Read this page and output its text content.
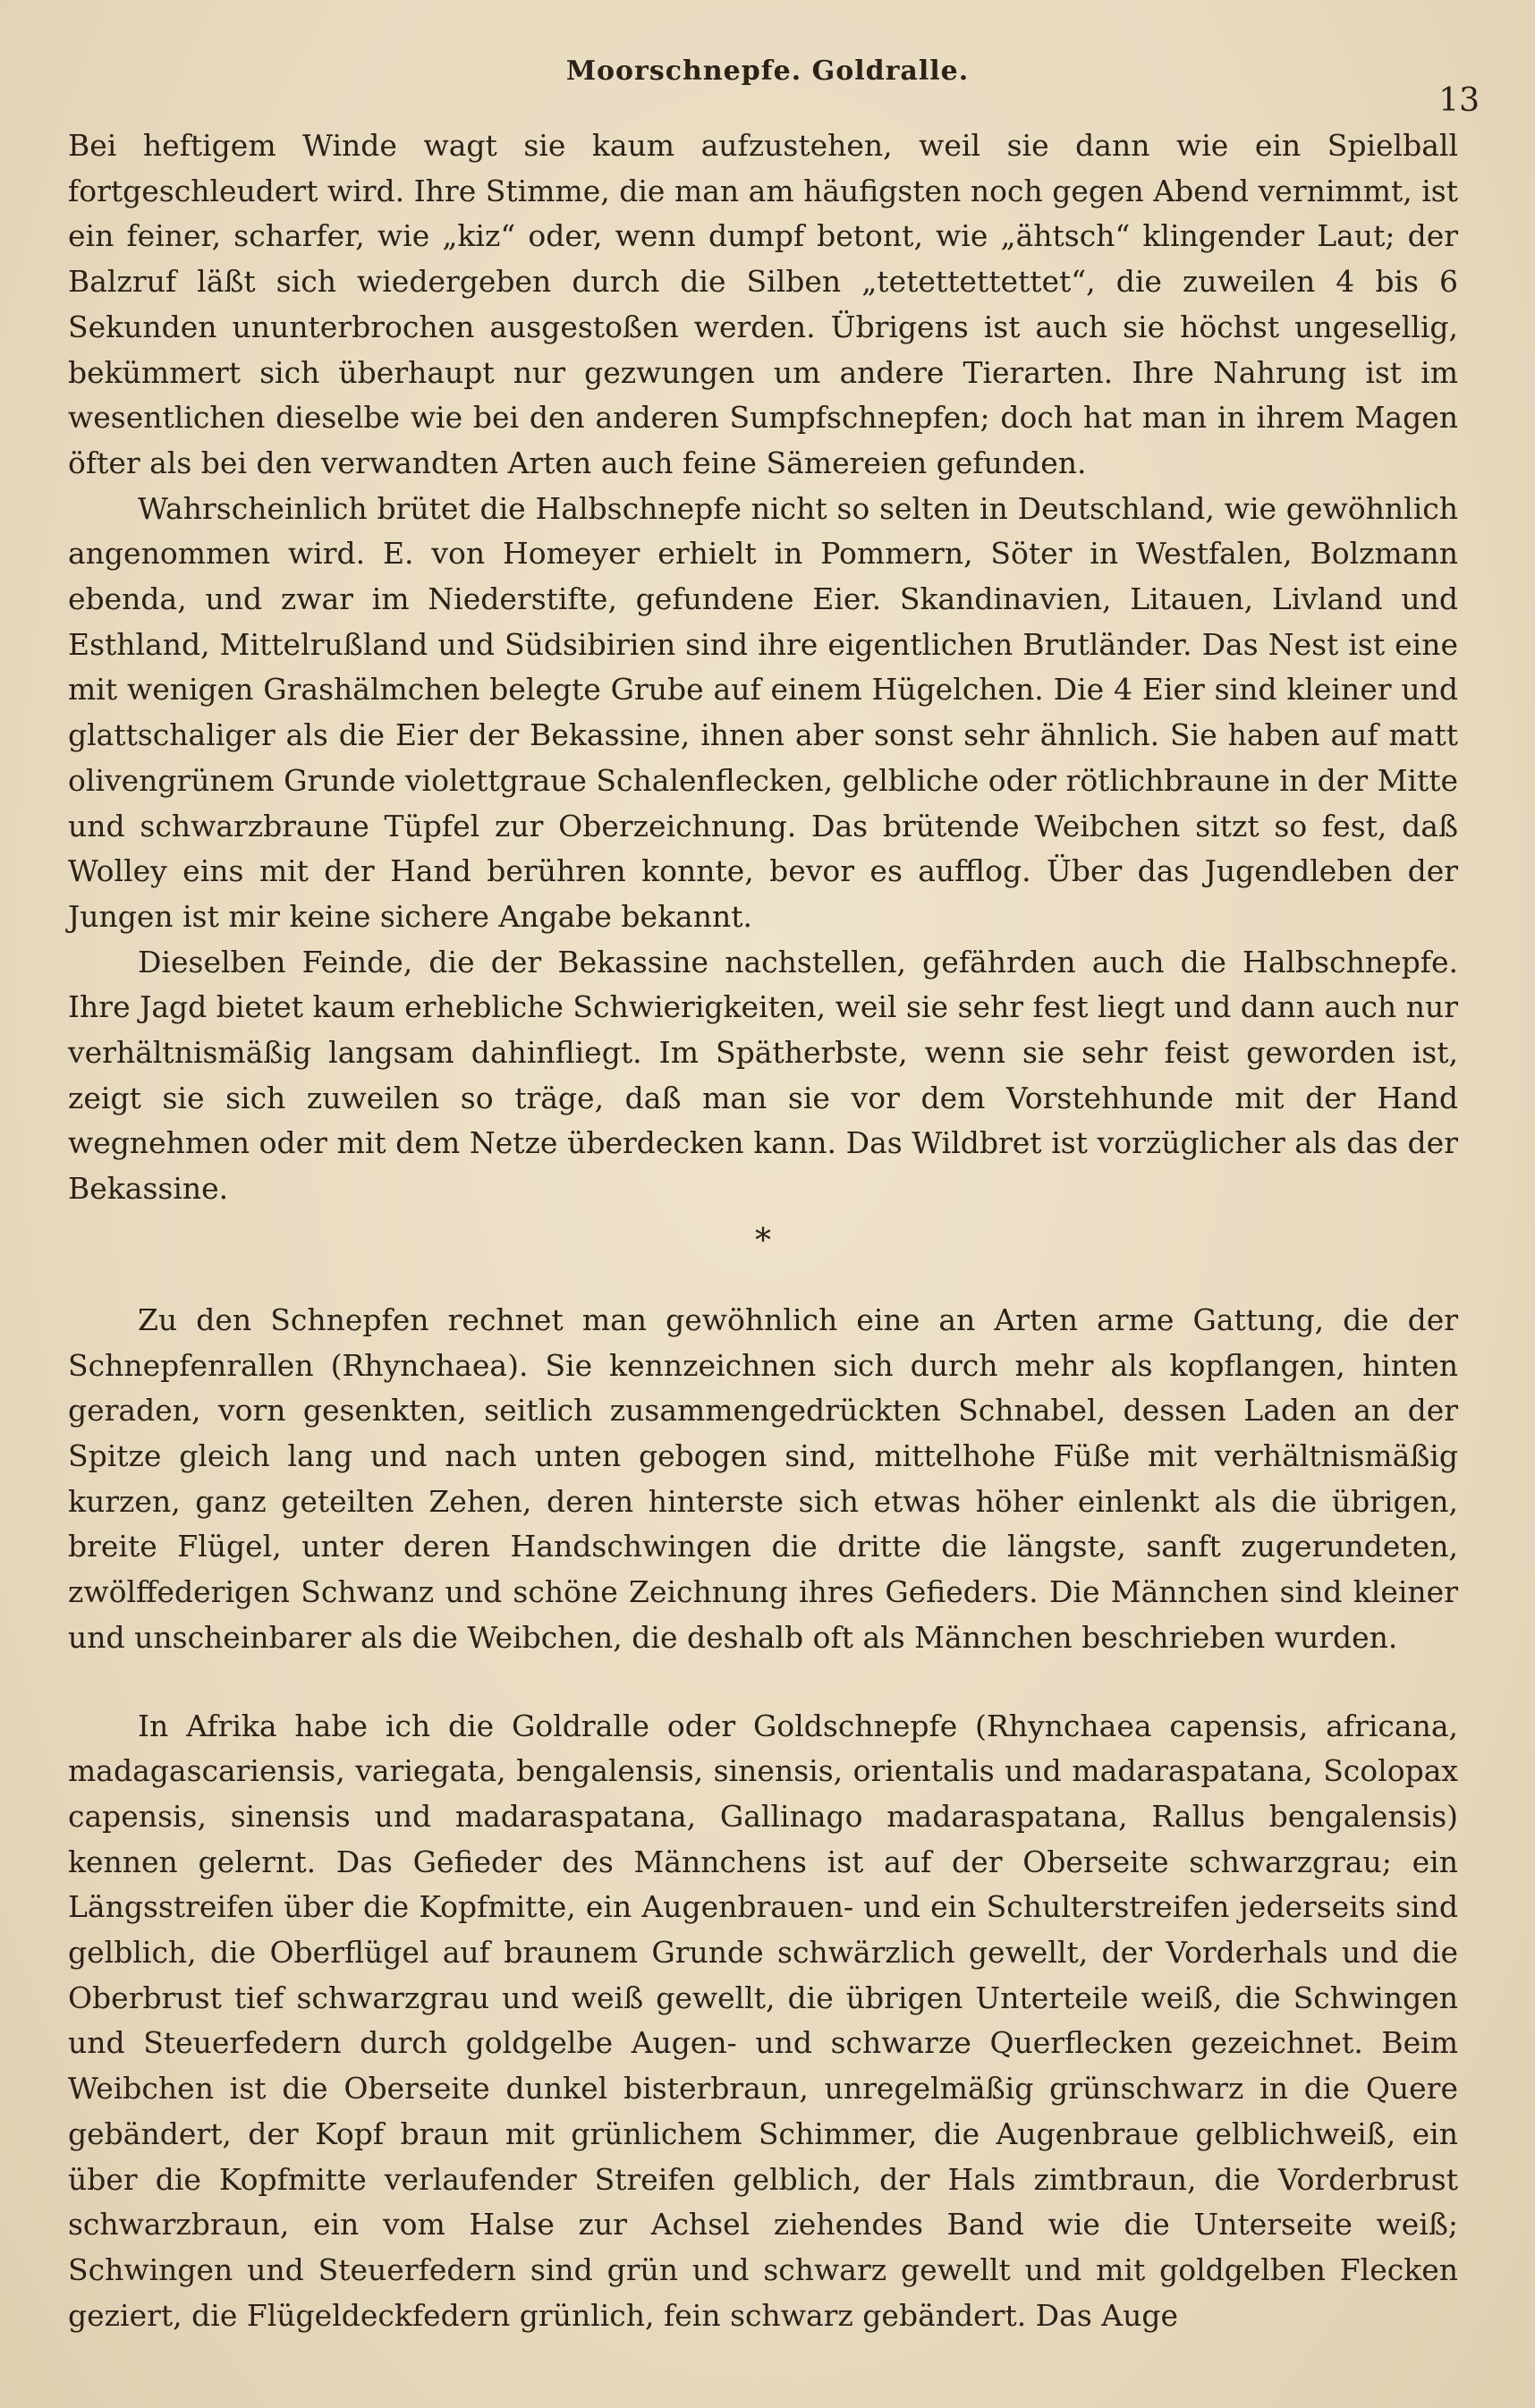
Moorschnepfe. Goldralle.
13

Bei heftigem Winde wagt sie kaum aufzustehen, weil sie dann wie ein Spielball fortgeschleudert wird. Ihre Stimme, die man am häufigsten noch gegen Abend vernimmt, ist ein feiner, scharfer, wie „kiz“ oder, wenn dumpf betont, wie „ähtsch“ klingender Laut; der Balzruf läßt sich wiedergeben durch die Silben „tetettettettet“, die zuweilen 4 bis 6 Sekunden ununterbrochen ausgestoßen werden. Übrigens ist auch sie höchst ungesellig, bekümmert sich überhaupt nur gezwungen um andere Tierarten. Ihre Nahrung ist im wesentlichen dieselbe wie bei den anderen Sumpfschnepfen; doch hat man in ihrem Magen öfter als bei den verwandten Arten auch feine Sämereien gefunden.

Wahrscheinlich brütet die Halbschnepfe nicht so selten in Deutschland, wie gewöhnlich angenommen wird. E. von Homeyer erhielt in Pommern, Söter in Westfalen, Bolzmann ebenda, und zwar im Niederstifte, gefundene Eier. Skandinavien, Litauen, Livland und Esthland, Mittelrußland und Südsibirien sind ihre eigentlichen Brutländer. Das Nest ist eine mit wenigen Grashälmchen belegte Grube auf einem Hügelchen. Die 4 Eier sind kleiner und glattschaliger als die Eier der Bekassine, ihnen aber sonst sehr ähnlich. Sie haben auf matt olivengrünem Grunde violettgraue Schalenflecken, gelbliche oder rötlichbraune in der Mitte und schwarzbraune Tüpfel zur Oberzeichnung. Das brütende Weibchen sitzt so fest, daß Wolley eins mit der Hand berühren konnte, bevor es aufflog. Über das Jugendleben der Jungen ist mir keine sichere Angabe bekannt.

Dieselben Feinde, die der Bekassine nachstellen, gefährden auch die Halbschnepfe. Ihre Jagd bietet kaum erhebliche Schwierigkeiten, weil sie sehr fest liegt und dann auch nur verhältnismäßig langsam dahinfliegt. Im Spätherbste, wenn sie sehr feist geworden ist, zeigt sie sich zuweilen so träge, daß man sie vor dem Vorstehhunde mit der Hand wegnehmen oder mit dem Netze überdecken kann. Das Wildbret ist vorzüglicher als das der Bekassine.

*

Zu den Schnepfen rechnet man gewöhnlich eine an Arten arme Gattung, die der Schnepfenrallen (Rhynchaea). Sie kennzeichnen sich durch mehr als kopflangen, hinten geraden, vorn gesenkten, seitlich zusammengedrückten Schnabel, dessen Laden an der Spitze gleich lang und nach unten gebogen sind, mittelhohe Füße mit verhältnismäßig kurzen, ganz geteilten Zehen, deren hinterste sich etwas höher einlenkt als die übrigen, breite Flügel, unter deren Handschwingen die dritte die längste, sanft zugerundeten, zwölffederigen Schwanz und schöne Zeichnung ihres Gefieders. Die Männchen sind kleiner und unscheinbarer als die Weibchen, die deshalb oft als Männchen beschrieben wurden.

In Afrika habe ich die Goldralle oder Goldschnepfe (Rhynchaea capensis, africana, madagascariensis, variegata, bengalensis, sinensis, orientalis und madaraspatana, Scolopax capensis, sinensis und madaraspatana, Gallinago madaraspatana, Rallus bengalensis) kennen gelernt. Das Gefieder des Männchens ist auf der Oberseite schwarzgrau; ein Längsstreifen über die Kopfmitte, ein Augenbrauen- und ein Schulterstreifen jederseits sind gelblich, die Oberflügel auf braunem Grunde schwärzlich gewellt, der Vorderhals und die Oberbrust tief schwarzgrau und weiß gewellt, die übrigen Unterteile weiß, die Schwingen und Steuerfedern durch goldgelbe Augen- und schwarze Querflecken gezeichnet. Beim Weibchen ist die Oberseite dunkel bisterbraun, unregelmäßig grünschwarz in die Quere gebändert, der Kopf braun mit grünlichem Schimmer, die Augenbraue gelblichweiß, ein über die Kopfmitte verlaufender Streifen gelblich, der Hals zimtbraun, die Vorderbrust schwarzbraun, ein vom Halse zur Achsel ziehendes Band wie die Unterseite weiß; Schwingen und Steuerfedern sind grün und schwarz gewellt und mit goldgelben Flecken geziert, die Flügeldeckfedern grünlich, fein schwarz gebändert. Das Auge
